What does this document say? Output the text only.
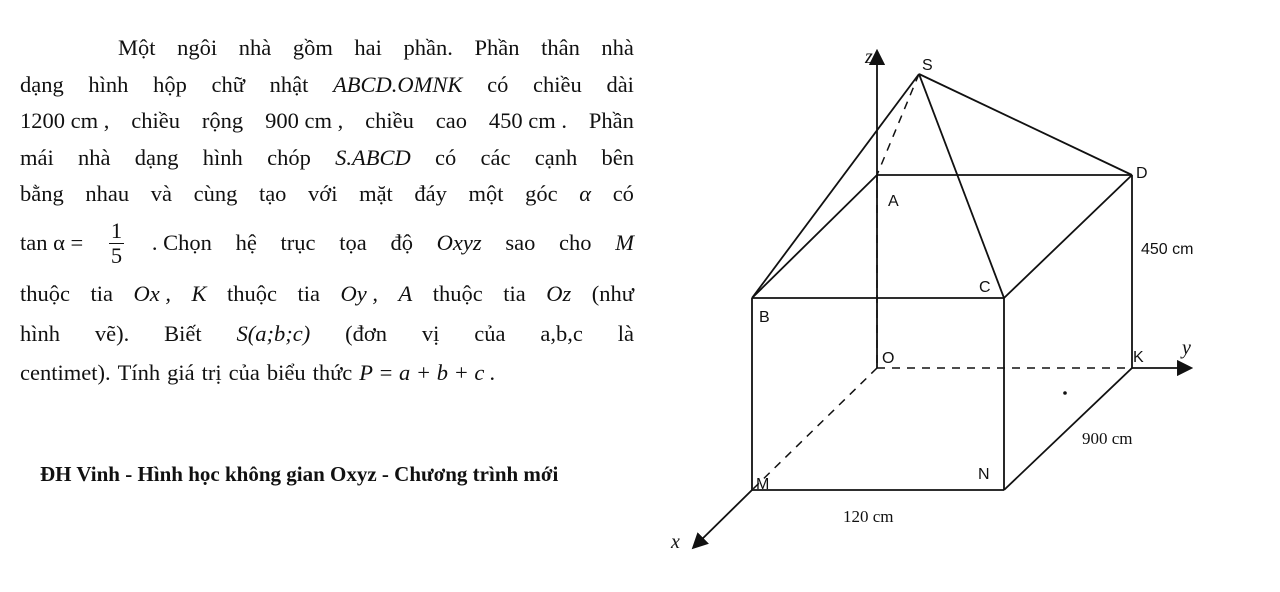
Một ngôi nhà gồm hai phần. Phần thân nhà
dạng hình hộp chữ nhật ABCD.OMNK có chiều dài
1200 cm , chiều rộng 900 cm , chiều cao 450 cm . Phần
mái nhà dạng hình chóp S.ABCD có các cạnh bên
bằng nhau và cùng tạo với mặt đáy một góc α có
$\tan \alpha = \frac{1}{5}$ . Chọn hệ trục tọa độ Oxyz sao cho M
thuộc tia Ox , K thuộc tia Oy , A thuộc tia Oz (như
hình vẽ). Biết S(a;b;c) (đơn vị của a,b,c là
centimet). Tính giá trị của biểu thức P = a + b + c .
ĐH Vinh - Hình học không gian Oxyz - Chương trình mới
z
y
x
S
D
A
C
B
O	K
M
N
450 cm
900 cm
120 cm
